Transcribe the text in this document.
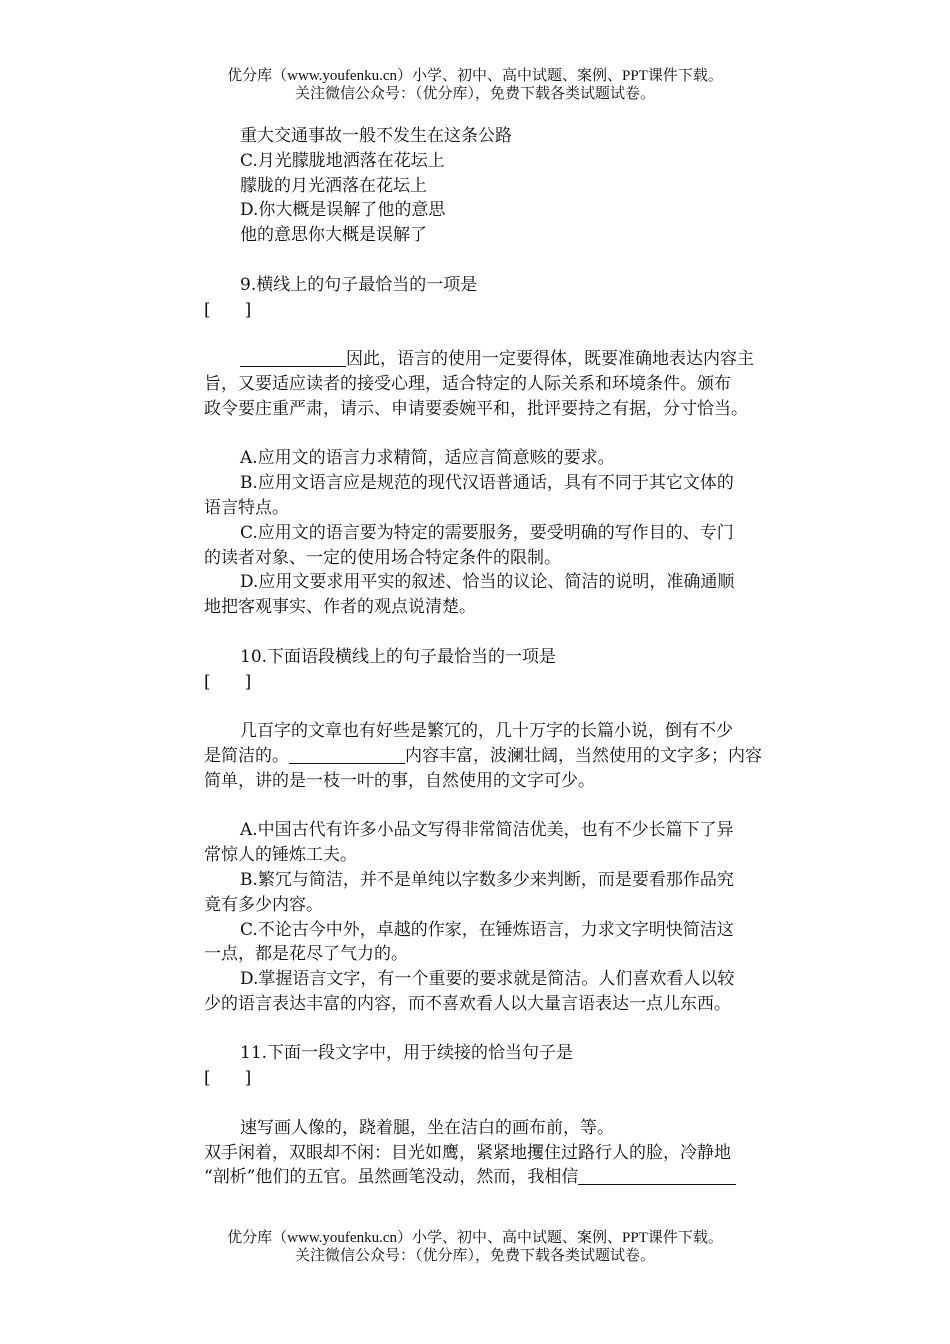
优分库（www.youfenku.cn）小学、初中、高中试题、案例、PPT课件下载。
关注微信公众号：（优分库），免费下载各类试题试卷。
重大交通事故一般不发生在这条公路
C.月光朦胧地洒落在花坛上
朦胧的月光洒落在花坛上
D.你大概是误解了他的意思
他的意思你大概是误解了
9.横线上的句子最恰当的一项是
[　　]
因此，语言的使用一定要得体，既要准确地表达内容主
旨，又要适应读者的接受心理，适合特定的人际关系和环境条件。颁布
政令要庄重严肃，请示、申请要委婉平和，批评要持之有据，分寸恰当。
A.应用文的语言力求精简，适应言简意赅的要求。
B.应用文语言应是规范的现代汉语普通话，具有不同于其它文体的
语言特点。
C.应用文的语言要为特定的需要服务，要受明确的写作目的、专门
的读者对象、一定的使用场合特定条件的限制。
D.应用文要求用平实的叙述、恰当的议论、简洁的说明，准确通顺
地把客观事实、作者的观点说清楚。
10.下面语段横线上的句子最恰当的一项是
[　　]
几百字的文章也有好些是繁冗的，几十万字的长篇小说，倒有不少
是简洁的。	内容丰富，波澜壮阔，当然使用的文字多；内容
简单，讲的是一枝一叶的事，自然使用的文字可少。
A.中国古代有许多小品文写得非常简洁优美，也有不少长篇下了异
常惊人的锤炼工夫。
B.繁冗与简洁，并不是单纯以字数多少来判断，而是要看那作品究
竟有多少内容。
C.不论古今中外，卓越的作家，在锤炼语言，力求文字明快简洁这
一点，都是花尽了气力的。
D.掌握语言文字，有一个重要的要求就是简洁。人们喜欢看人以较
少的语言表达丰富的内容，而不喜欢看人以大量言语表达一点儿东西。
11.下面一段文字中，用于续接的恰当句子是
[　　]
速写画人像的，跷着腿，坐在洁白的画布前，等。
双手闲着，双眼却不闲：目光如鹰，紧紧地攫住过路行人的脸，冷静地
“剖析”他们的五官。虽然画笔没动，然而，我相信
优分库（www.youfenku.cn）小学、初中、高中试题、案例、PPT课件下载。
关注微信公众号：（优分库），免费下载各类试题试卷。
